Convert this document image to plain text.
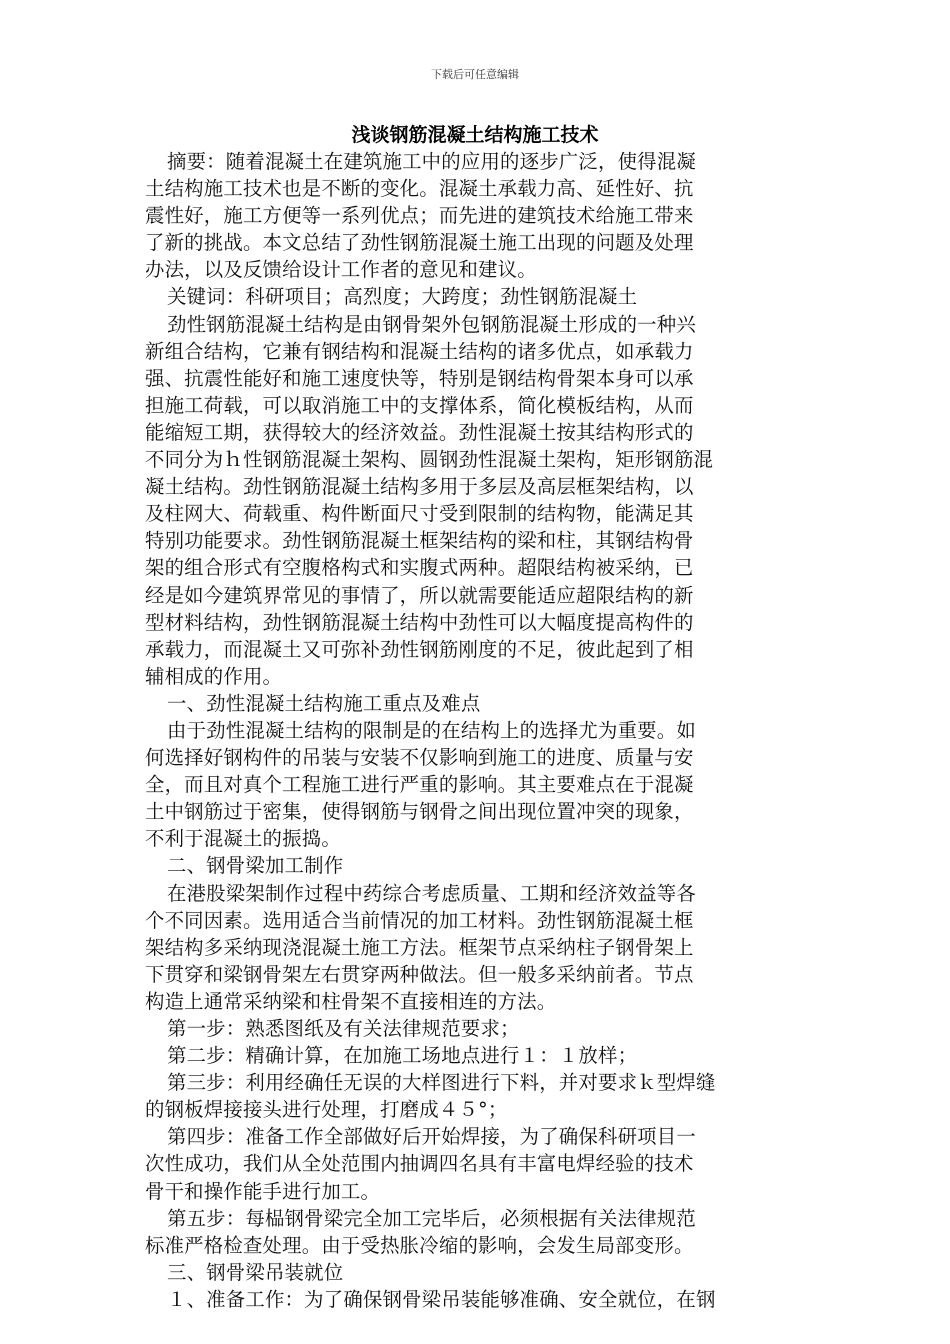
下载后可任意编辑
浅谈钢筋混凝土结构施工技术
摘要：随着混凝土在建筑施工中的应用的逐步广泛，使得混凝
土结构施工技术也是不断的变化。混凝土承载力高、延性好、抗
震性好，施工方便等一系列优点；而先进的建筑技术给施工带来
了新的挑战。本文总结了劲性钢筋混凝土施工出现的问题及处理
办法，以及反馈给设计工作者的意见和建议。
关键词：科研项目；高烈度；大跨度；劲性钢筋混凝土
劲性钢筋混凝土结构是由钢骨架外包钢筋混凝土形成的一种兴
新组合结构，它兼有钢结构和混凝土结构的诸多优点，如承载力
强、抗震性能好和施工速度快等，特别是钢结构骨架本身可以承
担施工荷载，可以取消施工中的支撑体系，简化模板结构，从而
能缩短工期，获得较大的经济效益。劲性混凝土按其结构形式的
不同分为ｈ性钢筋混凝土架构、圆钢劲性混凝土架构，矩形钢筋混
凝土结构。劲性钢筋混凝土结构多用于多层及高层框架结构，以
及柱网大、荷载重、构件断面尺寸受到限制的结构物，能满足其
特别功能要求。劲性钢筋混凝土框架结构的梁和柱，其钢结构骨
架的组合形式有空腹格构式和实腹式两种。超限结构被采纳，已
经是如今建筑界常见的事情了，所以就需要能适应超限结构的新
型材料结构，劲性钢筋混凝土结构中劲性可以大幅度提高构件的
承载力，而混凝土又可弥补劲性钢筋刚度的不足，彼此起到了相
辅相成的作用。
一、劲性混凝土结构施工重点及难点
由于劲性混凝土结构的限制是的在结构上的选择尤为重要。如
何选择好钢构件的吊装与安装不仅影响到施工的进度、质量与安
全，而且对真个工程施工进行严重的影响。其主要难点在于混凝
土中钢筋过于密集，使得钢筋与钢骨之间出现位置冲突的现象，
不利于混凝土的振捣。
二、钢骨梁加工制作
在港股梁架制作过程中药综合考虑质量、工期和经济效益等各
个不同因素。选用适合当前情况的加工材料。劲性钢筋混凝土框
架结构多采纳现浇混凝土施工方法。框架节点采纳柱子钢骨架上
下贯穿和梁钢骨架左右贯穿两种做法。但一般多采纳前者。节点
构造上通常采纳梁和柱骨架不直接相连的方法。
第一步：熟悉图纸及有关法律规范要求；
第二步：精确计算，在加施工场地点进行１：１放样；
第三步：利用经确任无误的大样图进行下料，并对要求ｋ型焊缝
的钢板焊接接头进行处理，打磨成４５°；
第四步：准备工作全部做好后开始焊接，为了确保科研项目一
次性成功，我们从全处范围内抽调四名具有丰富电焊经验的技术
骨干和操作能手进行加工。
第五步：每榀钢骨梁完全加工完毕后，必须根据有关法律规范
标准严格检查处理。由于受热胀冷缩的影响，会发生局部变形。
三、钢骨梁吊装就位
１、准备工作：为了确保钢骨梁吊装能够准确、安全就位，在钢
